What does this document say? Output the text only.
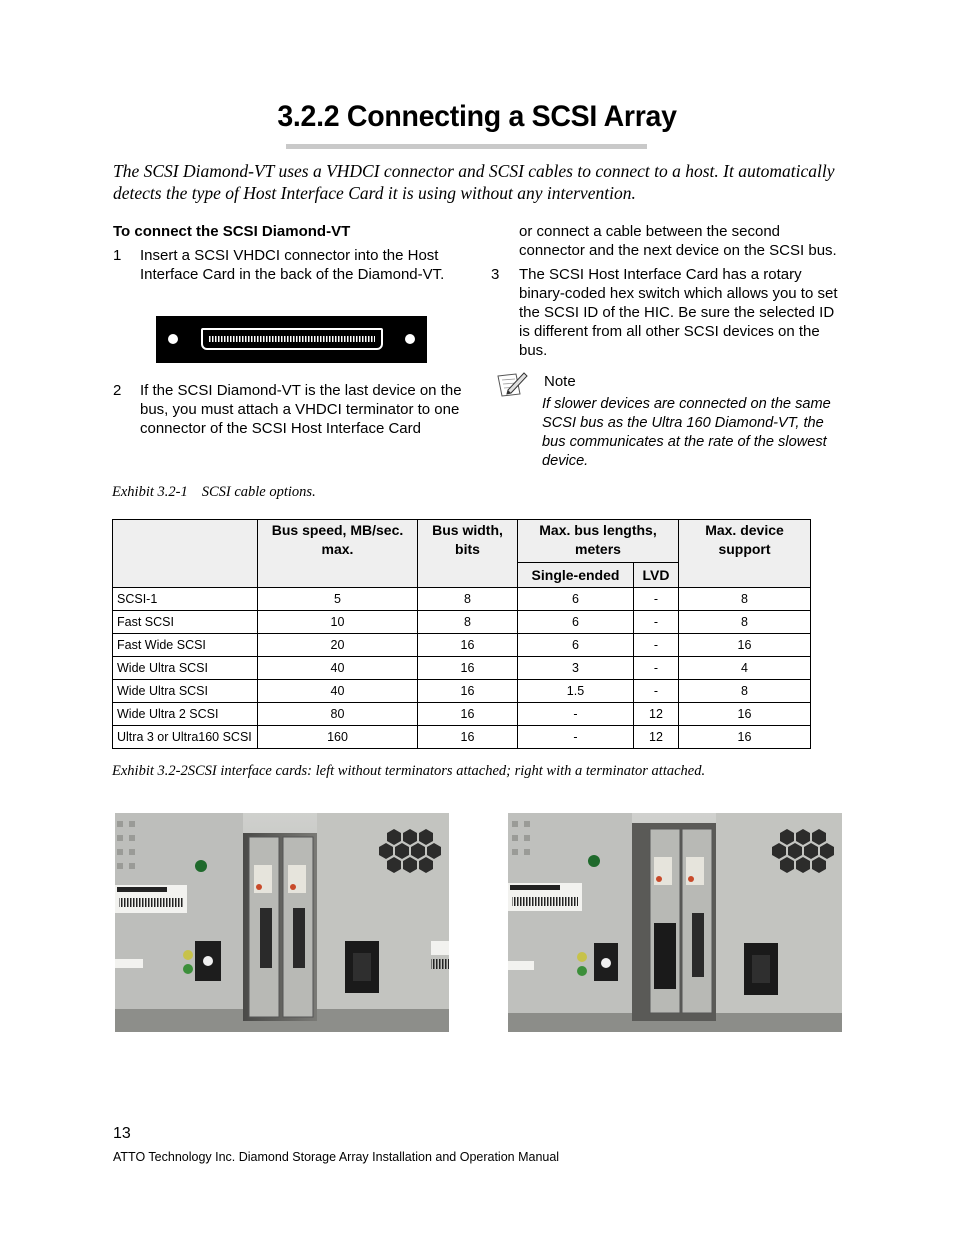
3.2.2 Connecting a SCSI Array
The SCSI Diamond-VT uses a VHDCI connector and SCSI cables to connect to a host. It automatically detects the type of Host Interface Card it is using without any intervention.
To connect the SCSI Diamond-VT
1	Insert a SCSI VHDCI connector into the Host Interface Card in the back of the Diamond-VT.
2	If the SCSI Diamond-VT is the last device on the bus, you must attach a VHDCI terminator to one connector of the SCSI Host Interface Card
or connect a cable between the second connector and the next device on the SCSI bus.
3	The SCSI Host Interface Card has a rotary binary-coded hex switch which allows you to set the SCSI ID of the HIC. Be sure the selected ID is different from all other SCSI devices on the bus.
Note
If slower devices are connected on the same SCSI bus as the Ultra 160 Diamond-VT, the bus communicates at the rate of the slowest device.
Exhibit 3.2-1 SCSI cable options.
	Bus speed, MB/sec. max.	Bus width, bits	Max. bus lengths, meters		Max. device support
			Single-ended	LVD	
SCSI-1	5	8	6	-	8
Fast SCSI	10	8	6	-	8
Fast Wide SCSI	20	16	6	-	16
Wide Ultra SCSI	40	16	3	-	4
Wide Ultra SCSI	40	16	1.5	-	8
Wide Ultra 2 SCSI	80	16	-	12	16
Ultra 3 or Ultra160 SCSI	160	16	-	12	16
Exhibit 3.2-2SCSI interface cards: left without terminators attached; right with a terminator attached.
13
ATTO Technology Inc. Diamond Storage Array Installation and Operation Manual
